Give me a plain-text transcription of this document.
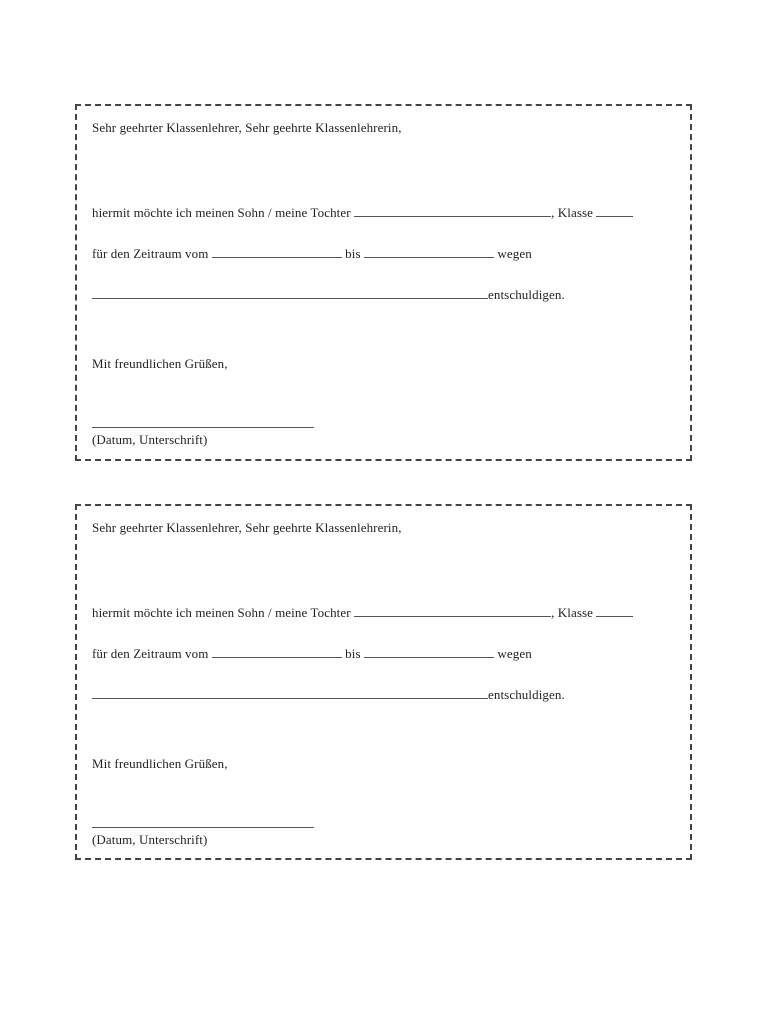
Sehr geehrter Klassenlehrer, Sehr geehrte Klassenlehrerin,
hiermit möchte ich meinen Sohn / meine Tochter	, Klasse
für den Zeitraum vom	bis	wegen
entschuldigen.
Mit freundlichen Grüßen,
(Datum, Unterschrift)
Sehr geehrter Klassenlehrer, Sehr geehrte Klassenlehrerin,
hiermit möchte ich meinen Sohn / meine Tochter	, Klasse
für den Zeitraum vom	bis	wegen
entschuldigen.
Mit freundlichen Grüßen,
(Datum, Unterschrift)
